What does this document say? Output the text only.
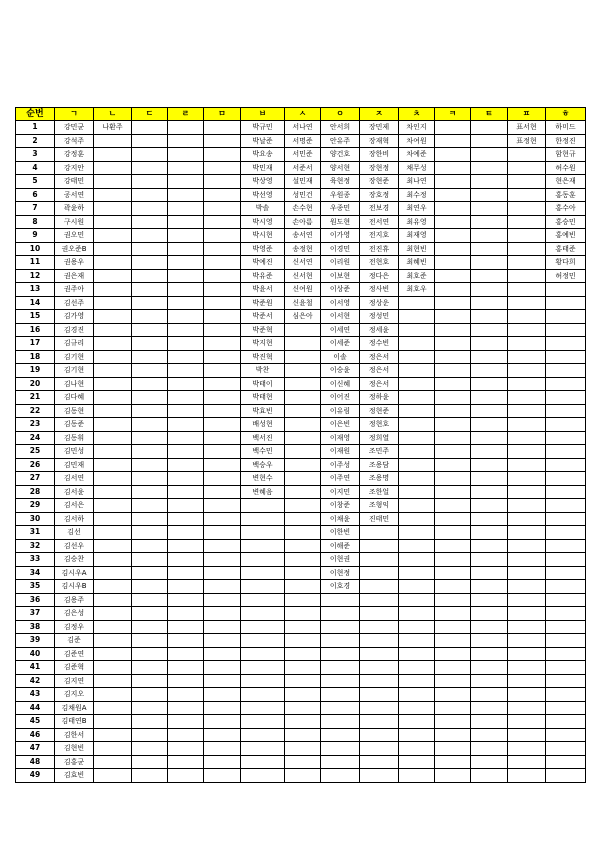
순번	ㄱ	ㄴ	ㄷ	ㄹ	ㅁ	ㅂ	ㅅ	ㅇ	ㅈ	ㅊ	ㅋ	ㅌ	ㅍ	ㅎ
1	강민균	나환주				박규민	서나연	안서희	장민제	차인지			표서현	하미드
2	강석주					박날준	서명준	안유주	장재혁	차여원			표정현	한정진
3	강정훈					박요송	서민준	양건호	장한비	차예준				함현규
4	강지안					박민재	서준서	양서현	장현정	채무성				허수원
5	강태민					박상영	설민재	육현정	장현준	최나연				현은재
6	공서연					박선영	성민건	우원종	장호정	최수정				홍동훈
7	곽윤하					박솔	손수현	우종민	전보경	최연우				홍수아
8	구시원					박시영	손아름	원도현	전서연	최유영				홍승민
9	권오민					박시현	송서연	이가영	전지호	최재영				홍예빈
10	권오준B					박영준	송정현	이경민	전진휴	최현빈				홍태준
11	권용우					박예진	신서연	이리원	전현호	최혜빈				황다희
12	권은재					박유준	신서현	이보현	정다은	최호준				허정민
13	권주아					박윤서	신여원	이상준	정사빈	최호우				
14	김선주					박준원	신윤철	이서영	정상운					
15	김가영					박준서	심은아	이서현	정성민					
16	김경진					박준혁		이세연	정세윤					
17	김규리					박지현		이세준	정수빈					
18	김기현					박진혁		이솔	정은서					
19	김기현					박찬		이승윤	정은서					
20	김나현					박태이		이신혜	정은서					
21	김다혜					박태현		이어진	정하윤					
22	김동현					박효빈		이유림	정현준					
23	김동준					배성현		이은빈	정현호					
24	김동휘					백서진		이재영	정희열					
25	김민성					백수민		이재원	조민주					
26	김민재					백승우		이주성	조용담					
27	김서연					변현수		이주연	조용명					
28	김서윤					변혜음		이지민	조한얼					
29	김서은							이창준	조형익					
30	김서하							이채윤	진태민					
31	김선							이한빈						
32	김선우							이해준						
33	김승찬							이현권						
34	김시우A							이현정						
35	김시우B							이호경						
36	김용주													
37	김은성													
38	김정우													
39	김준													
40	김준연													
41	김준혁													
42	김지연													
43	김지오													
44	김채원A													
45	김태연B													
46	김한서													
47	김현빈													
48	김홍균													
49	김효빈													
